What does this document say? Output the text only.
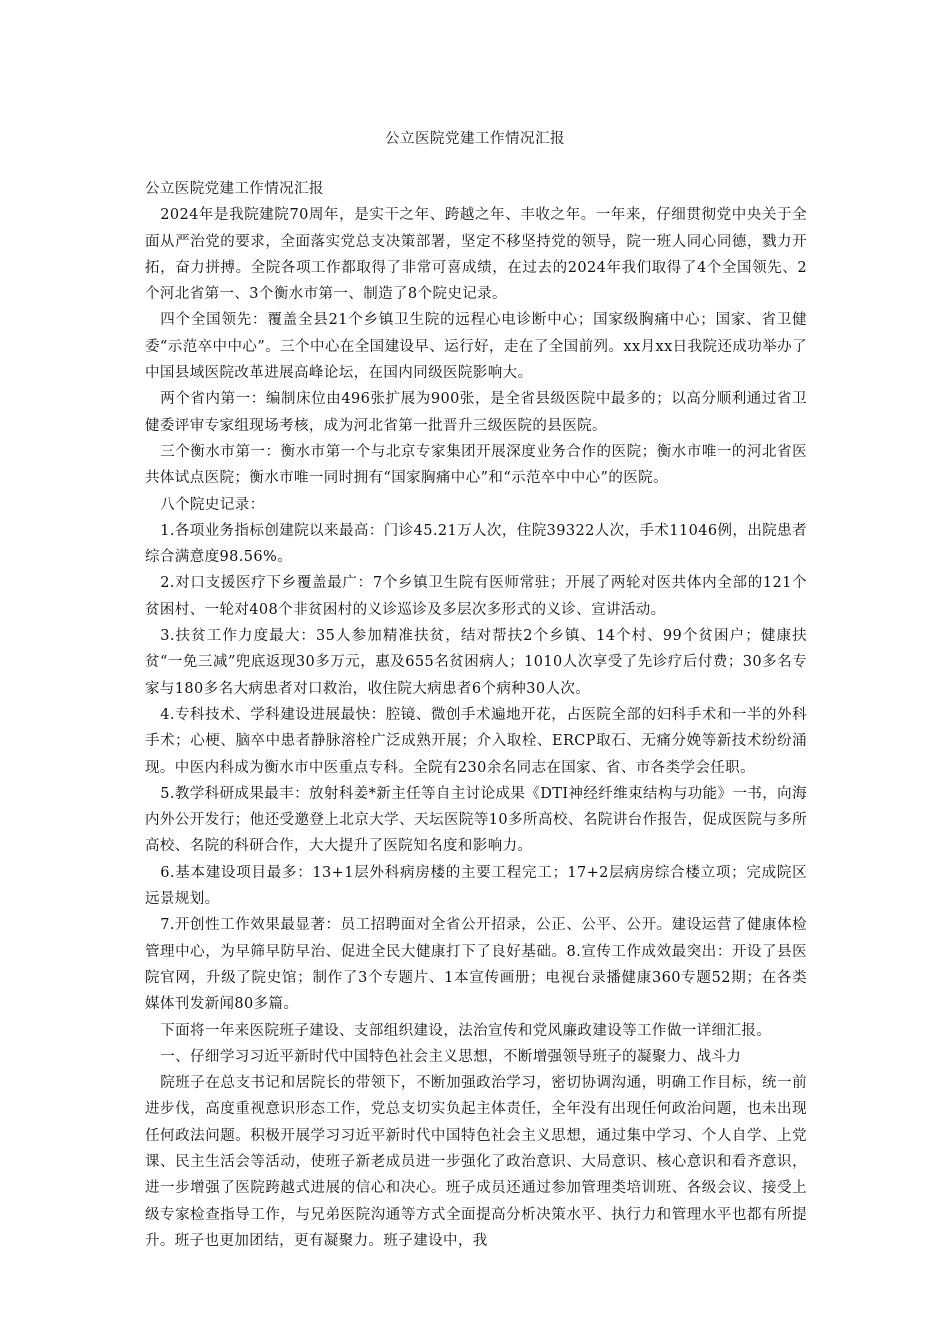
公立医院党建工作情况汇报

公立医院党建工作情况汇报

2024年是我院建院70周年，是实干之年、跨越之年、丰收之年。一年来，仔细贯彻党中央关于全面从严治党的要求，全面落实党总支决策部署，坚定不移坚持党的领导，院一班人同心同德，戮力开拓，奋力拼搏。全院各项工作都取得了非常可喜成绩，在过去的2024年我们取得了4个全国领先、2个河北省第一、3个衡水市第一、制造了8个院史记录。

四个全国领先：覆盖全县21个乡镇卫生院的远程心电诊断中心；国家级胸痛中心；国家、省卫健委“示范卒中中心”。三个中心在全国建设早、运行好，走在了全国前列。xx月xx日我院还成功举办了中国县域医院改革进展高峰论坛，在国内同级医院影响大。

两个省内第一：编制床位由496张扩展为900张，是全省县级医院中最多的；以高分顺利通过省卫健委评审专家组现场考核，成为河北省第一批晋升三级医院的县医院。

三个衡水市第一：衡水市第一个与北京专家集团开展深度业务合作的医院；衡水市唯一的河北省医共体试点医院；衡水市唯一同时拥有“国家胸痛中心”和“示范卒中中心”的医院。

八个院史记录：

1.各项业务指标创建院以来最高：门诊45.21万人次，住院39322人次，手术11046例，出院患者综合满意度98.56%。

2.对口支援医疗下乡覆盖最广：7个乡镇卫生院有医师常驻；开展了两轮对医共体内全部的121个贫困村、一轮对408个非贫困村的义诊巡诊及多层次多形式的义诊、宣讲活动。

3.扶贫工作力度最大：35人参加精准扶贫，结对帮扶2个乡镇、14个村、99个贫困户；健康扶贫“一免三减”兜底返现30多万元，惠及655名贫困病人；1010人次享受了先诊疗后付费；30多名专家与180多名大病患者对口救治，收住院大病患者6个病种30人次。

4.专科技术、学科建设进展最快：腔镜、微创手术遍地开花，占医院全部的妇科手术和一半的外科手术；心梗、脑卒中患者静脉溶栓广泛成熟开展；介入取栓、ERCP取石、无痛分娩等新技术纷纷涌现。中医内科成为衡水市中医重点专科。全院有230余名同志在国家、省、市各类学会任职。

5.教学科研成果最丰：放射科姜*新主任等自主讨论成果《DTI神经纤维束结构与功能》一书，向海内外公开发行；他还受邀登上北京大学、天坛医院等10多所高校、名院讲台作报告，促成医院与多所高校、名院的科研合作，大大提升了医院知名度和影响力。

6.基本建设项目最多：13+1层外科病房楼的主要工程完工；17+2层病房综合楼立项；完成院区远景规划。

7.开创性工作效果最显著：员工招聘面对全省公开招录，公正、公平、公开。建设运营了健康体检管理中心，为早筛早防早治、促进全民大健康打下了良好基础。8.宣传工作成效最突出：开设了县医院官网，升级了院史馆；制作了3个专题片、1本宣传画册；电视台录播健康360专题52期；在各类媒体刊发新闻80多篇。

下面将一年来医院班子建设、支部组织建设，法治宣传和党风廉政建设等工作做一详细汇报。

一、仔细学习习近平新时代中国特色社会主义思想，不断增强领导班子的凝聚力、战斗力

院班子在总支书记和居院长的带领下，不断加强政治学习，密切协调沟通，明确工作目标，统一前进步伐，高度重视意识形态工作，党总支切实负起主体责任，全年没有出现任何政治问题，也未出现任何政法问题。积极开展学习习近平新时代中国特色社会主义思想，通过集中学习、个人自学、上党课、民主生活会等活动，使班子新老成员进一步强化了政治意识、大局意识、核心意识和看齐意识，进一步增强了医院跨越式进展的信心和决心。班子成员还通过参加管理类培训班、各级会议、接受上级专家检查指导工作，与兄弟医院沟通等方式全面提高分析决策水平、执行力和管理水平也都有所提升。班子也更加团结，更有凝聚力。班子建设中，我
